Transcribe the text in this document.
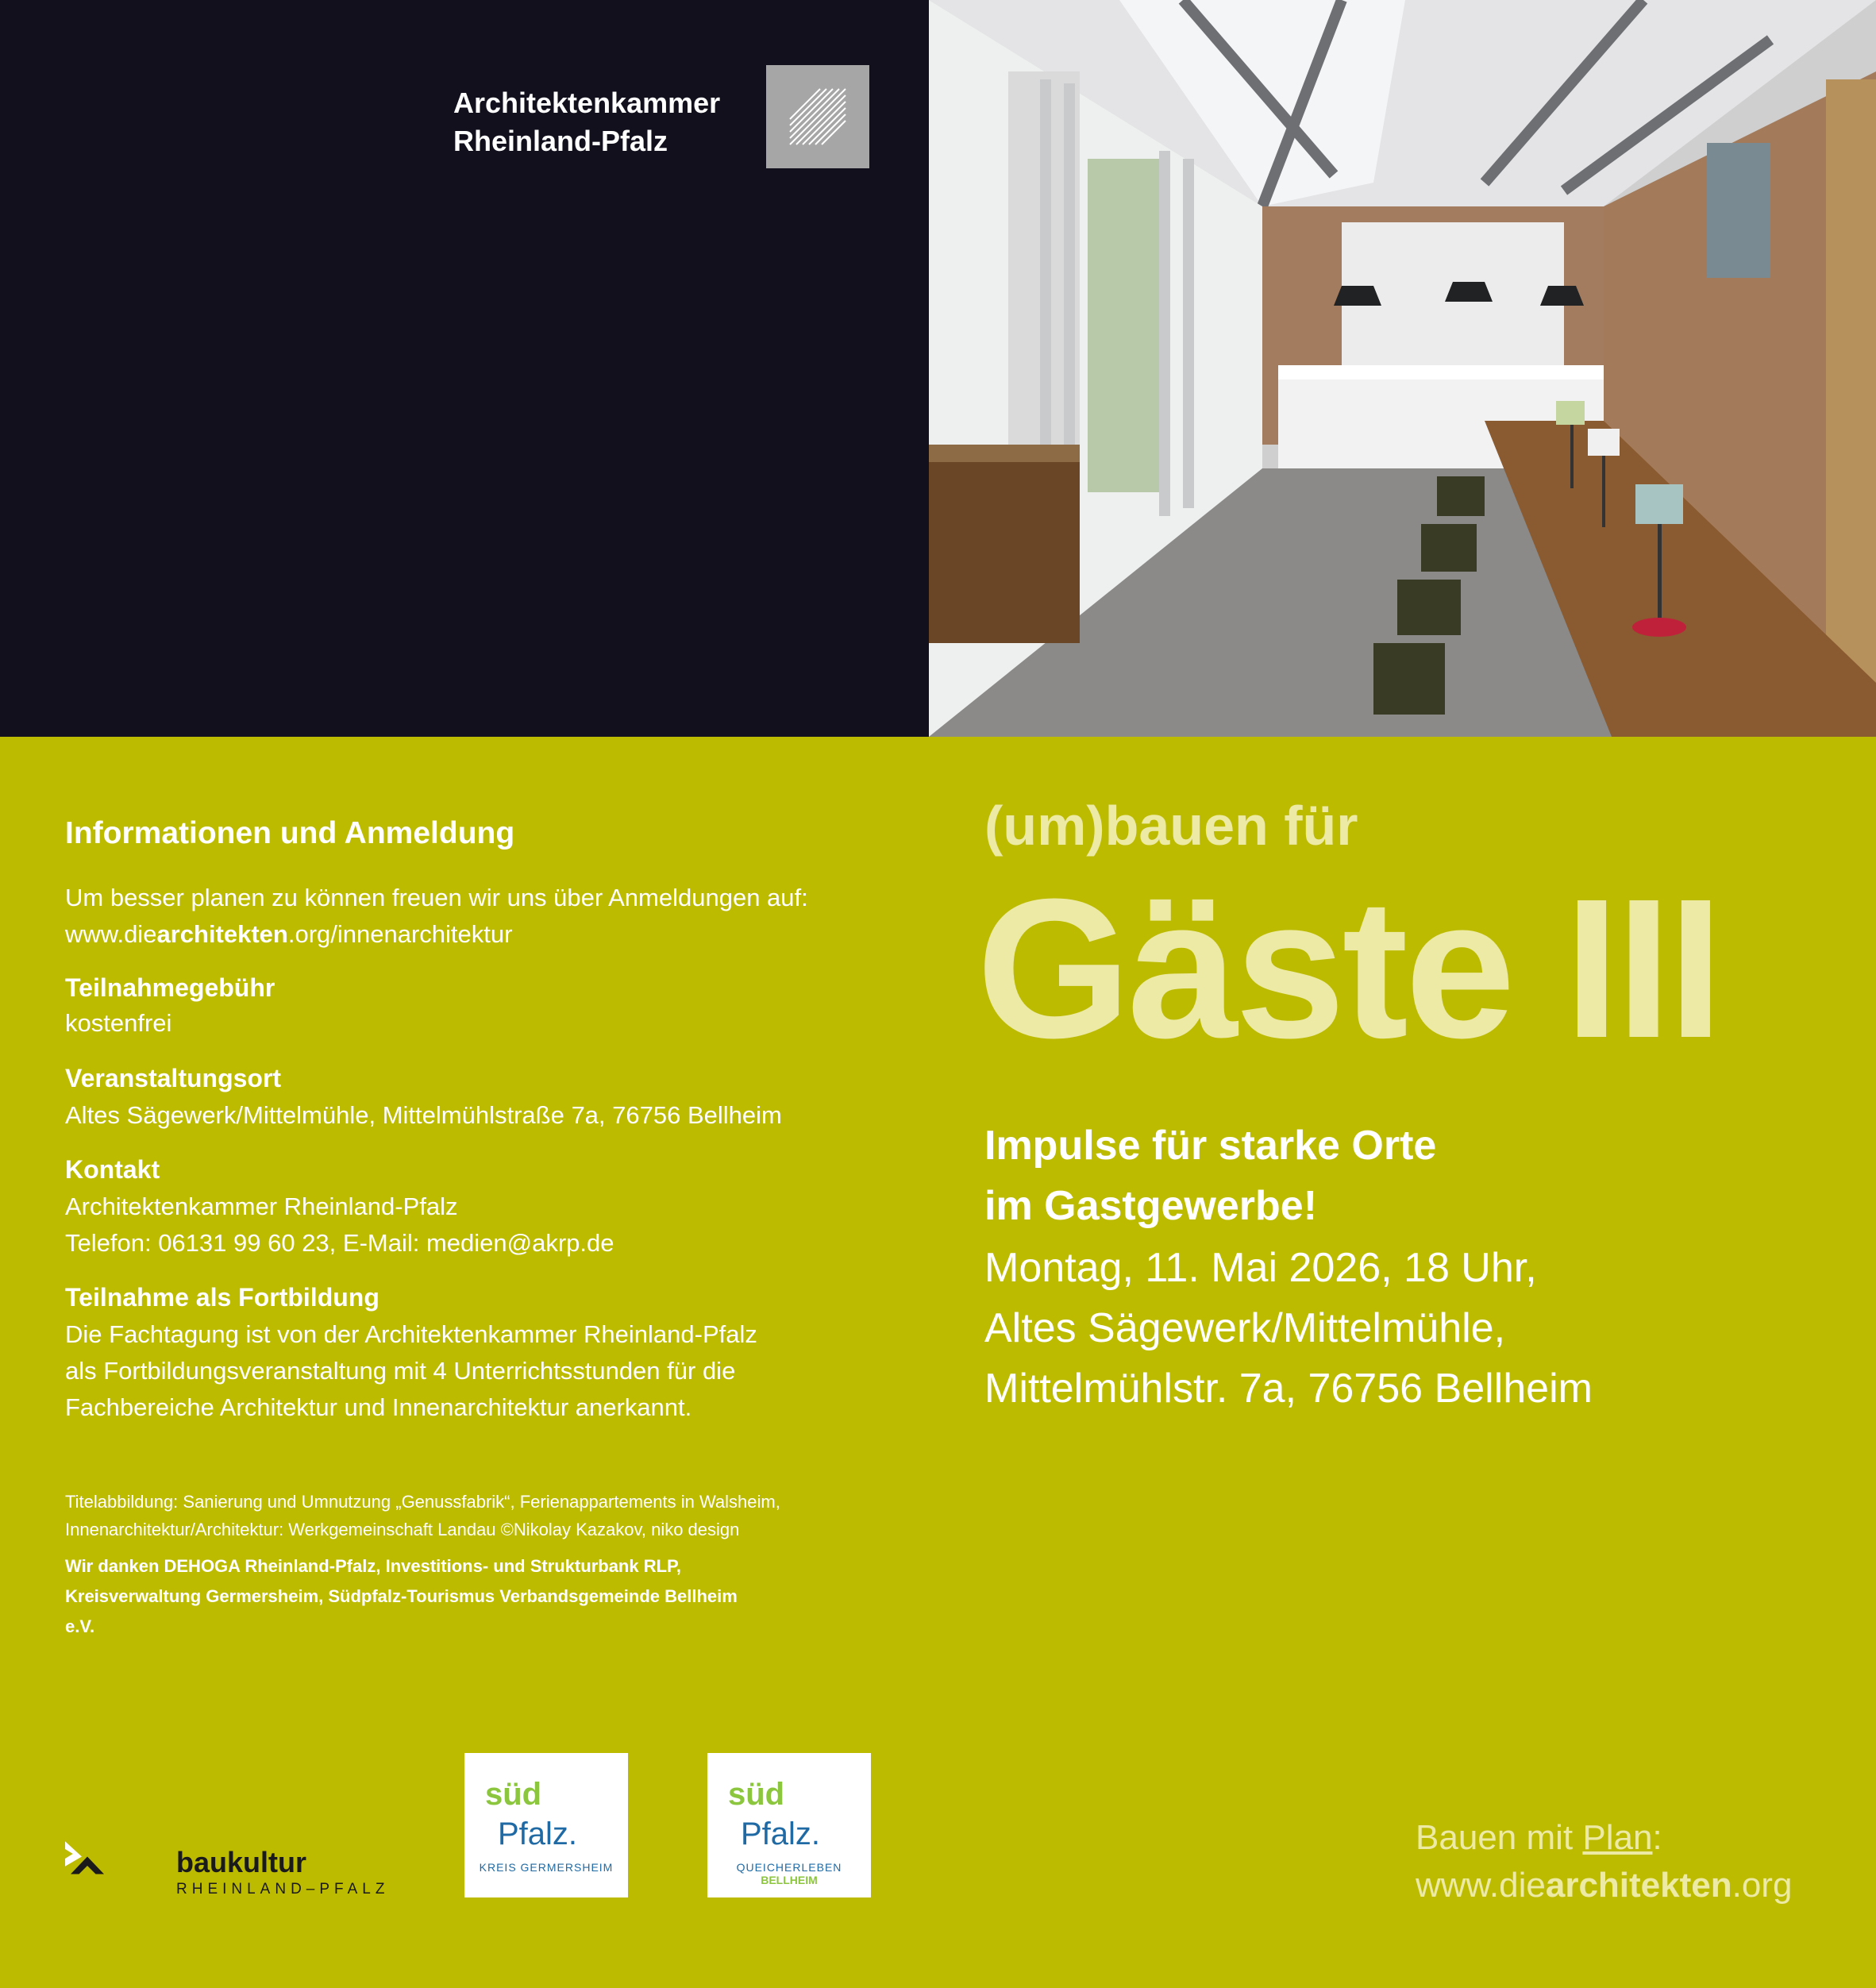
Architektenkammer
Rheinland-Pfalz
Informationen und Anmeldung

Um besser planen zu können freuen wir uns über Anmeldungen auf:

www.diearchitekten.org/innenarchitektur

Teilnahmegebühr

kostenfrei

Veranstaltungsort

Altes Sägewerk/Mittelmühle, Mittelmühlstraße 7a, 76756 Bellheim

Kontakt

Architektenkammer Rheinland-Pfalz

Telefon: 06131 99 60 23, E-Mail: medien@akrp.de

Teilnahme als Fortbildung

Die Fachtagung ist von der Architektenkammer Rheinland-Pfalz

als Fortbildungsveranstaltung mit 4 Unterrichtsstunden für die

Fachbereiche Architektur und Innenarchitektur anerkannt.

Titelabbildung: Sanierung und Umnutzung „Genussfabrik“, Ferienappartements in Walsheim,

Innenarchitektur/Architektur: Werkgemeinschaft Landau ©Nikolay Kazakov, niko design

Wir danken DEHOGA Rheinland-Pfalz, Investitions- und Strukturbank RLP,

Kreisverwaltung Germersheim, Südpfalz-Tourismus Verbandsgemeinde Bellheim

e.V.

(um)bauen für
Gäste III
Impulse für starke Orte
im Gastgewerbe!
Montag, 11. Mai 2026, 18 Uhr,
Altes Sägewerk/Mittelmühle,
Mittelmühlstr. 7a, 76756 Bellheim
baukultur
RHEINLAND–PFALZ
süd
Pfalz.
KREIS GERMERSHEIM
süd
Pfalz.
QUEICHERLEBEN
BELLHEIM
Bauen mit Plan:
www.diearchitekten.org
